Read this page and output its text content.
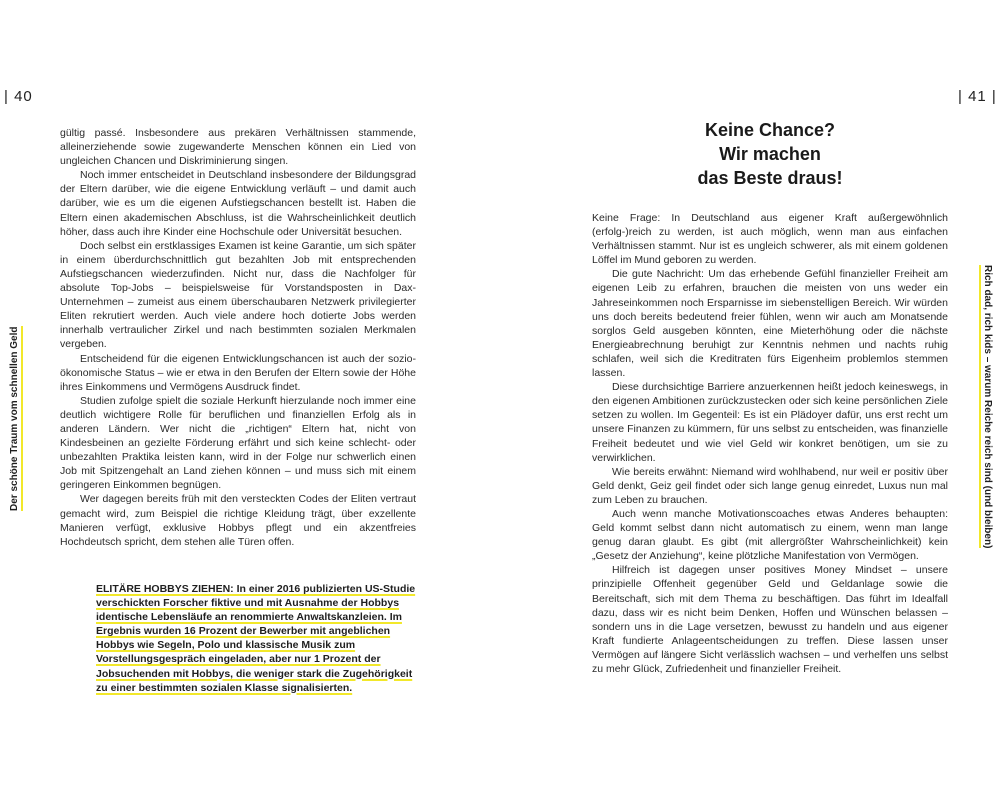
| 40	| 41 |
Der schöne Traum vom schnellen Geld	Rich dad, rich kids – warum Reiche reich sind (und bleiben)

gültig passé. Insbesondere aus prekären Verhältnissen stammende, alleinerziehende sowie zugewanderte Menschen können ein Lied von ungleichen Chancen und Diskriminierung singen.

Noch immer entscheidet in Deutschland insbesondere der Bildungsgrad der Eltern darüber, wie die eigene Entwicklung verläuft – und damit auch darüber, wie es um die eigenen Aufstiegschancen bestellt ist. Haben die Eltern einen akademischen Abschluss, ist die Wahrscheinlichkeit deutlich höher, dass auch ihre Kinder eine Hochschule oder Universität besuchen.

Doch selbst ein erstklassiges Examen ist keine Garantie, um sich später in einem überdurchschnittlich gut bezahlten Job mit entsprechenden Aufstiegschancen wiederzufinden. Nicht nur, dass die Nachfolger für absolute Top-Jobs – beispielsweise für Vorstandsposten in Dax-Unternehmen – zumeist aus einem überschaubaren Netzwerk privilegierter Eliten rekrutiert werden. Auch viele andere hoch dotierte Jobs werden innerhalb vertraulicher Zirkel und nach bestimmten sozialen Merkmalen vergeben.

Entscheidend für die eigenen Entwicklungschancen ist auch der sozio-ökonomische Status – wie er etwa in den Berufen der Eltern sowie der Höhe ihres Einkommens und Vermögens Ausdruck findet.

Studien zufolge spielt die soziale Herkunft hierzulande noch immer eine deutlich wichtigere Rolle für beruflichen und finanziellen Erfolg als in anderen Ländern. Wer nicht die „richtigen“ Eltern hat, nicht von Kindesbeinen an gezielte Förderung erfährt und sich keine schlecht- oder unbezahlten Praktika leisten kann, wird in der Folge nur schwerlich einen Job mit Spitzengehalt an Land ziehen können – und muss sich mit einem geringeren Einkommen begnügen.

Wer dagegen bereits früh mit den versteckten Codes der Eliten vertraut gemacht wird, zum Beispiel die richtige Kleidung trägt, über exzellente Manieren verfügt, exklusive Hobbys pflegt und ein akzentfreies Hochdeutsch spricht, dem stehen alle Türen offen.

ELITÄRE HOBBYS ZIEHEN: In einer 2016 publizierten US-Studie verschickten Forscher fiktive und mit Ausnahme der Hobbys identische Lebensläufe an renommierte Anwaltskanzleien. Im Ergebnis wurden 16 Prozent der Bewerber mit angeblichen Hobbys wie Segeln, Polo und klassische Musik zum Vorstellungsgespräch eingeladen, aber nur 1 Prozent der Jobsuchenden mit Hobbys, die weniger stark die Zugehörigkeit zu einer bestimmten sozialen Klasse signalisierten.
Keine Chance?
Wir machen
das Beste draus!

Keine Frage: In Deutschland aus eigener Kraft außergewöhnlich (erfolg-)reich zu werden, ist auch möglich, wenn man aus einfachen Verhältnissen stammt. Nur ist es ungleich schwerer, als mit einem goldenen Löffel im Mund geboren zu werden.

Die gute Nachricht: Um das erhebende Gefühl finanzieller Freiheit am eigenen Leib zu erfahren, brauchen die meisten von uns weder ein Jahreseinkommen noch Ersparnisse im siebenstelligen Bereich. Wir würden uns doch bereits bedeutend freier fühlen, wenn wir auch am Monatsende sorglos Geld ausgeben könnten, eine Mieterhöhung oder die nächste Energieabrechnung beruhigt zur Kenntnis nehmen und nachts ruhig schlafen, weil sich die Kreditraten fürs Eigenheim problemlos stemmen lassen.

Diese durchsichtige Barriere anzuerkennen heißt jedoch keineswegs, in den eigenen Ambitionen zurückzustecken oder sich keine persönlichen Ziele setzen zu wollen. Im Gegenteil: Es ist ein Plädoyer dafür, uns erst recht um unsere Finanzen zu kümmern, für uns selbst zu entscheiden, was finanzielle Freiheit bedeutet und wie viel Geld wir konkret benötigen, um sie zu verwirklichen.

Wie bereits erwähnt: Niemand wird wohlhabend, nur weil er positiv über Geld denkt, Geiz geil findet oder sich lange genug einredet, Luxus nun mal zum Leben zu brauchen.

Auch wenn manche Motivationscoaches etwas Anderes behaupten: Geld kommt selbst dann nicht automatisch zu einem, wenn man lange genug daran glaubt. Es gibt (mit allergrößter Wahrscheinlichkeit) kein „Gesetz der Anziehung“, keine plötzliche Manifestation von Vermögen.

Hilfreich ist dagegen unser positives Money Mindset – unsere prinzipielle Offenheit gegenüber Geld und Geldanlage sowie die Bereitschaft, sich mit dem Thema zu beschäftigen. Das führt im Idealfall dazu, dass wir es nicht beim Denken, Hoffen und Wünschen belassen – sondern uns in die Lage versetzen, bewusst zu handeln und aus eigener Kraft fundierte Anlageentscheidungen zu treffen. Diese lassen unser Vermögen auf längere Sicht verlässlich wachsen – und verhelfen uns selbst zu mehr Glück, Zufriedenheit und finanzieller Freiheit.
